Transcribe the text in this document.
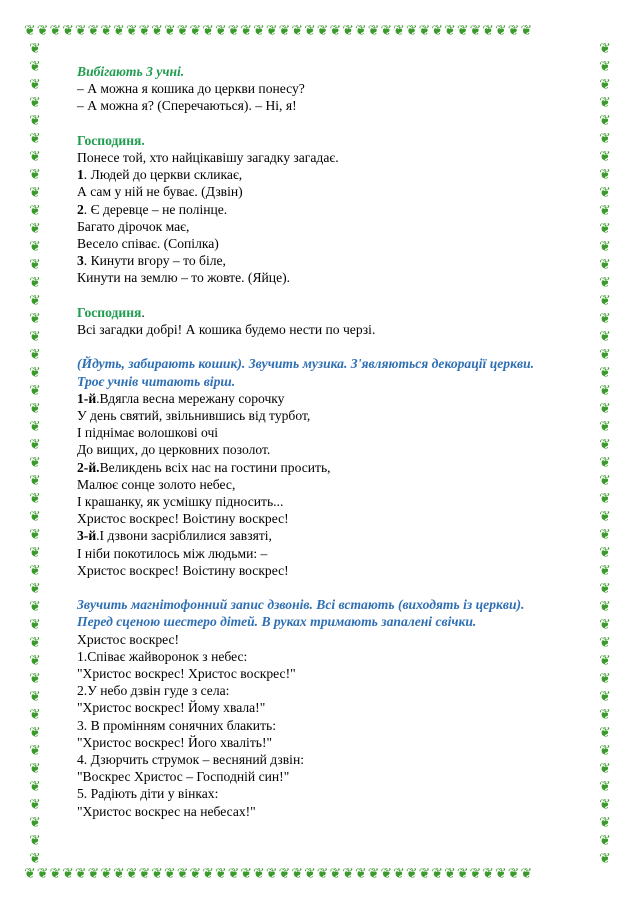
❦❦❦❦❦❦❦❦❦❦❦❦❦❦❦❦❦❦❦❦❦❦❦❦❦❦❦❦❦❦❦❦❦❦❦❦❦❦❦❦
❦❦❦❦❦❦❦❦❦❦❦❦❦❦❦❦❦❦❦❦❦❦❦❦❦❦❦❦❦❦❦❦❦❦❦❦❦❦❦❦
❦❦❦❦❦❦❦❦❦❦❦❦❦❦❦❦❦❦❦❦❦❦❦❦❦❦❦❦❦❦❦❦❦❦❦❦❦❦❦❦❦❦❦❦❦❦
❦❦❦❦❦❦❦❦❦❦❦❦❦❦❦❦❦❦❦❦❦❦❦❦❦❦❦❦❦❦❦❦❦❦❦❦❦❦❦❦❦❦❦❦❦❦

Вибігають 3 учні.

– А можна я кошика до церкви понесу?

– А можна я? (Сперечаються). – Ні, я!

Господиня.

Понесе той, хто найцікавішу загадку загадає.

1. Людей до церкви скликає,

А сам у ній не буває. (Дзвін)

2. Є деревце – не полінце.

Багато дірочок має,

Весело співає. (Сопілка)

3. Кинути вгору – то біле,

Кинути на землю – то жовте. (Яйце).

Господиня.

Всі загадки добрі! А кошика будемо нести по черзі.

(Йдуть, забирають кошик). Звучить музика. З'являються декорації церкви.

Троє учнів читають вірш.

1-й.Вдягла весна мережану сорочку

У день святий, звільнившись від турбот,

І піднімає волошкові очі

До вищих, до церковних позолот.

2-й.Великдень всіх нас на гостини просить,

Малює сонце золото небес,

І крашанку, як усмішку підносить...

Христос воскрес! Воістину воскрес!

3-й.І дзвони засріблилися завзяті,

І ніби покотилось між людьми: –

Христос воскрес! Воістину воскрес!

Звучить магнітофонний запис дзвонів. Всі встають (виходять із церкви).

Перед сценою шестеро дітей. В руках тримають запалені свічки.

Христос воскрес!

1.Співає жайворонок з небес:

"Христос воскрес! Христос воскрес!"

2.У небо дзвін гуде з села:

"Христос воскрес! Йому хвала!"

3. В промінням сонячних блакить:

"Христос воскрес! Його хваліть!"

4. Дзюрчить струмок – весняний дзвін:

"Воскрес Христос – Господній син!"

5. Радіють діти у вінках:

"Христос воскрес на небесах!"
